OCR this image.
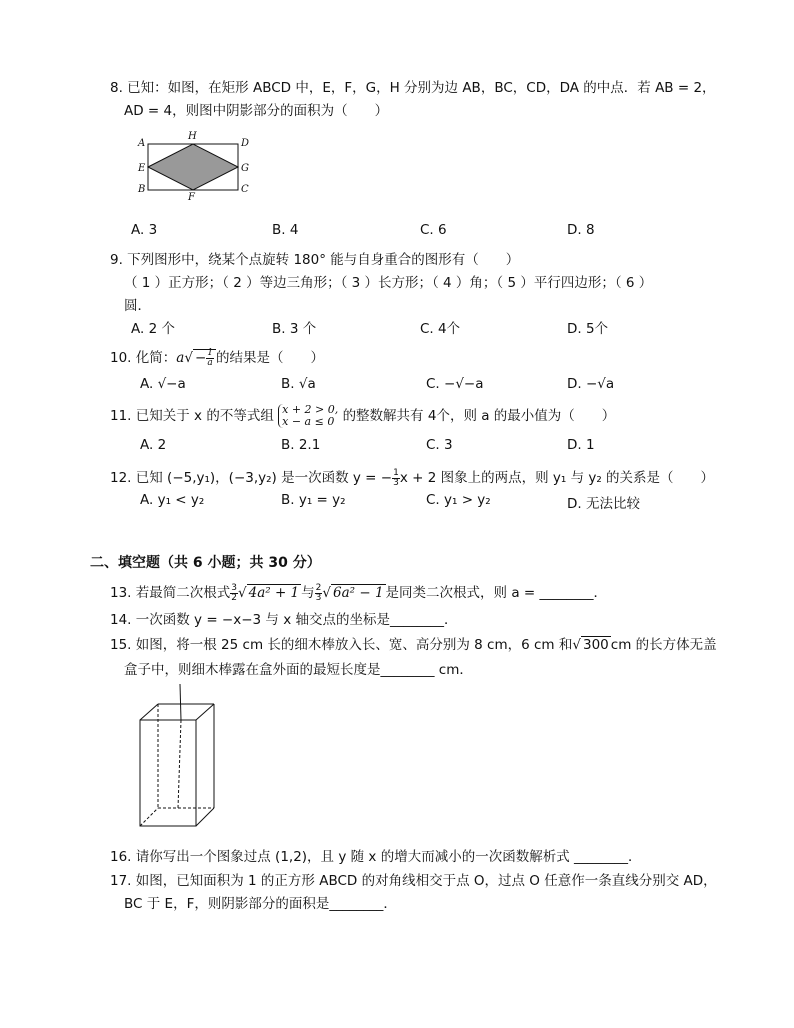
8. 已知：如图，在矩形 ABCD 中，E，F，G，H 分别为边 AB，BC，CD，DA 的中点．若 AB = 2，
AD = 4，则图中阴影部分的面积为（　　）
A
E
B
H
F
D
G
C
A. 3	B. 4	C. 6	D. 8
9. 下列图形中，绕某个点旋转 180° 能与自身重合的图形有（　　）
（ 1 ）正方形；（ 2 ）等边三角形；（ 3 ）长方形；（ 4 ）角；（ 5 ）平行四边形；（ 6 ）
圆．
A. 2 个	B. 3 个	C. 4个	D. 5个
10. 化简：$a√ - \frac{1}{a}$ 的结果是（　　）
A. √−a	B. √a	C. −√−a	D. −√a
11. 已知关于 x 的不等式组 x + 2 > 0,
x − a ≤ 0 的整数解共有 4个，则 a 的最小值为（　　）
A. 2	B. 2.1	C. 3	D. 1
12. 已知 (−5,y₁)，(−3,y₂) 是一次函数 y = − $\frac{1}{3}$ x + 2 图象上的两点，则 y₁ 与 y₂ 的关系是（　　）
A. y₁ < y₂	B. y₁ = y₂	C. y₁ > y₂	D. 无法比较
二、填空题（共 6 小题；共 30 分）
13. 若最简二次根式 $\frac{3}{2}$ √ 4a² + 1 与 $\frac{2}{3}$ √ 6a² − 1 是同类二次根式，则 a = ________．
14. 一次函数 y = −x−3 与 x 轴交点的坐标是________．
15. 如图，将一根 25 cm 长的细木棒放入长、宽、高分别为 8 cm，6 cm 和√ 300 cm 的长方体无盖
盒子中，则细木棒露在盒外面的最短长度是________ cm．
16. 请你写出一个图象过点 (1,2)，且 y 随 x 的增大而减小的一次函数解析式 ________．
17. 如图，已知面积为 1 的正方形 ABCD 的对角线相交于点 O，过点 O 任意作一条直线分别交 AD，
BC 于 E，F，则阴影部分的面积是________．
